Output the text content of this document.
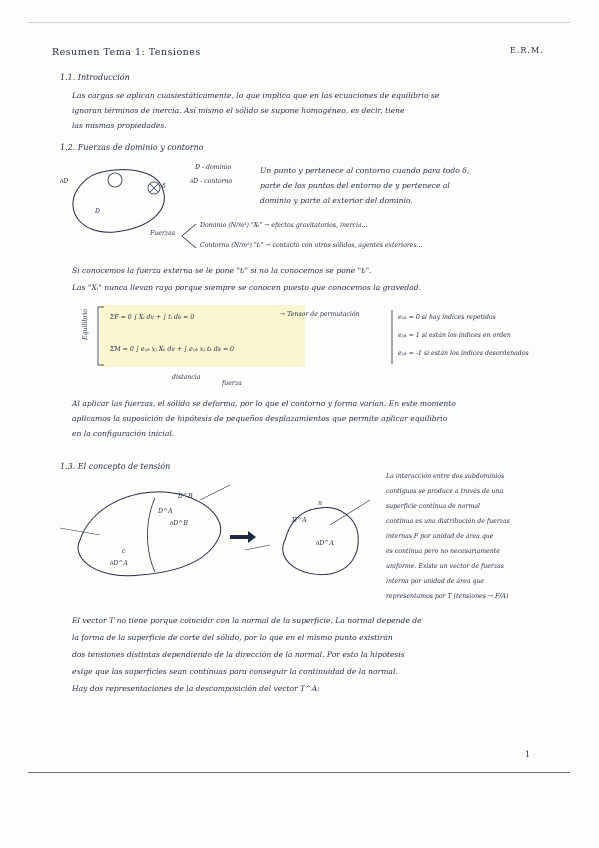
Resumen Tema 1: Tensiones	E.R.M.
1.1. Introducción
Las cargas se aplican cuasiestáticamente, lo que implica que en las ecuaciones de equilibrio se
ignoran términos de inercia. Así mismo el sólido se supone homogéneo, es decir, tiene
las mismas propiedades.
1.2. Fuerzas de dominio y contorno
∂D
D
δ
D - dominio
∂D - contorno
Un punto y pertenece al contorno cuando para todo δ,
parte de los puntos del entorno de y pertenece al
dominio y parte al exterior del dominio.
Fuerzas
Dominio (N/m³) "Xᵢ" → efectos gravitatorios, inercia...
Contorno (N/m²) "tᵢ" → contacto con otros sólidos, agentes exteriores...
Si conocemos la fuerza externa se le pone "tᵢ" si no la conocemos se pone "tᵢ".
Las "Xᵢ" nunca llevan raya porque siempre se conocen puesto que conocemos la gravedad.
Equilibrio	ΣF = 0 ∫ Xᵢ dv + ∫ tᵢ ds = 0
ΣM = 0 ∫ eᵢⱼₖ xⱼ Xₖ dv + ∫ eᵢⱼₖ xⱼ tₖ ds = 0
→ Tensor de permutación
distancia
fuerza
eᵢⱼₖ = 0 si hay índices repetidos
eᵢⱼₖ = 1 si están los índices en orden
eᵢⱼₖ = -1 si están los índices desordenados
Al aplicar las fuerzas, el sólido se deforma, por lo que el contorno y forma varían. En este momento
aplicamos la suposición de hipótesis de pequeños desplazamientos que permite aplicar equilibrio
en la configuración inicial.
1.3. El concepto de tensión
D^B
D^A
∂D^B
c
∂D^A
D^A
n
∂D^A
La interacción entre dos subdominios
contiguos se produce a través de una
superficie contínua de normal
contínua es una distribución de fuerzas
internas F por unidad de área que
es contínua pero no necesariamente
uniforme. Existe un vector de fuerzas
interna por unidad de área que
representamos por T (tensiones → F/A)
El vector T no tiene porque coincidir con la normal de la superficie. La normal depende de
la forma de la superficie de corte del sólido, por lo que en el mismo punto existirán
dos tensiones distintas dependiendo de la dirección de la normal. Por esto la hipótesis
exige que las superficies sean contínuas para conseguir la continuidad de la normal.
Hay dos representaciones de la descomposición del vector T^A:
1
